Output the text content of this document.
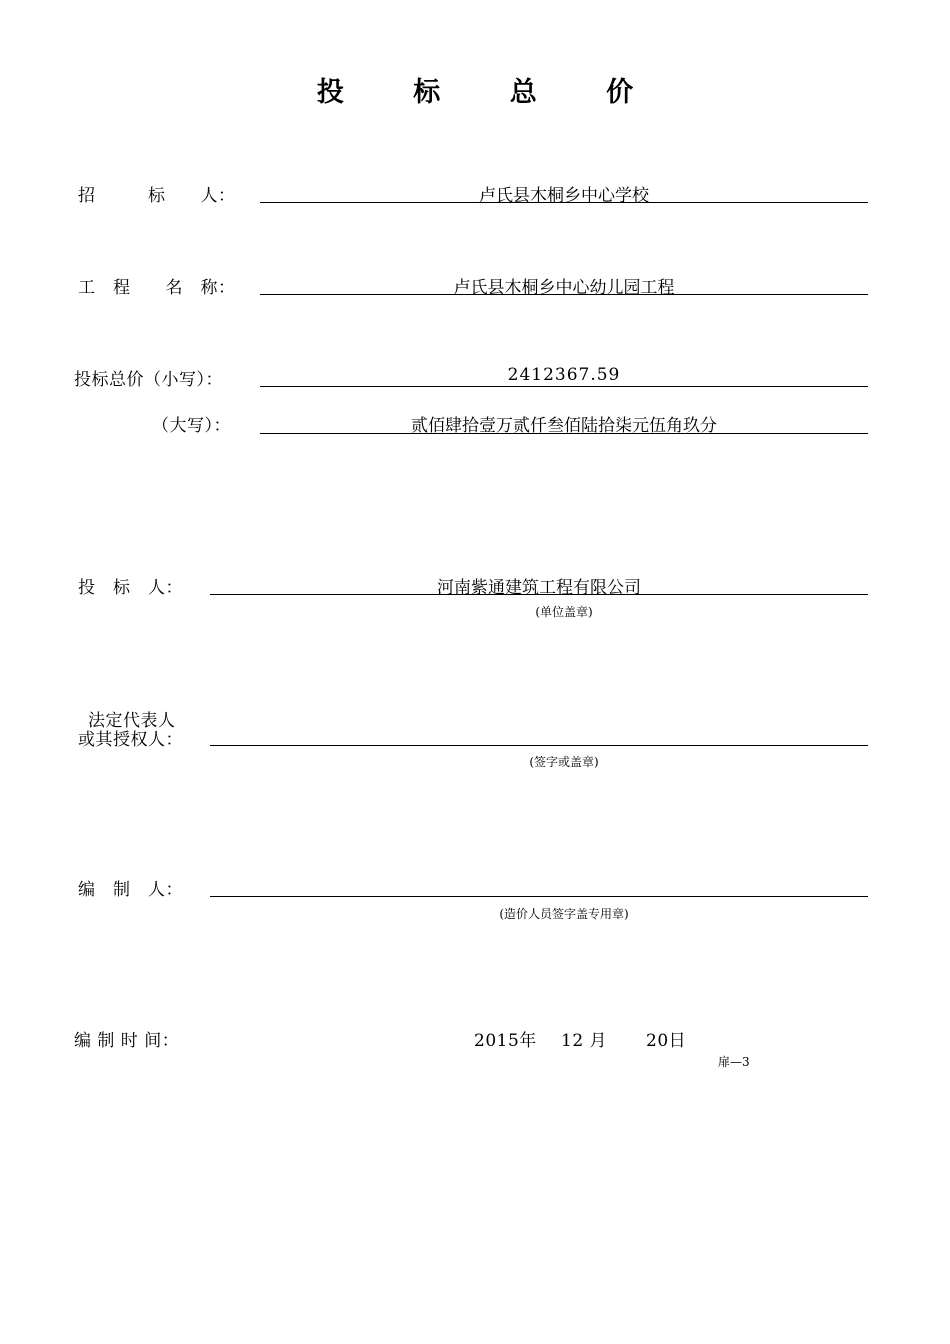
投 标 总 价
招　　　标　　人：	卢氏县木桐乡中心学校
工　程　　名　称：	卢氏县木桐乡中心幼儿园工程
投标总价（小写）：	2412367.59
（大写）：	贰佰肆拾壹万贰仟叁佰陆拾柒元伍角玖分
投　标　人：	河南紫通建筑工程有限公司
(单位盖章)
法定代表人
或其授权人：
(签字或盖章)
编　制　人：
(造价人员签字盖专用章)
编 制 时 间：	2015年 12 月 20日
扉—3
